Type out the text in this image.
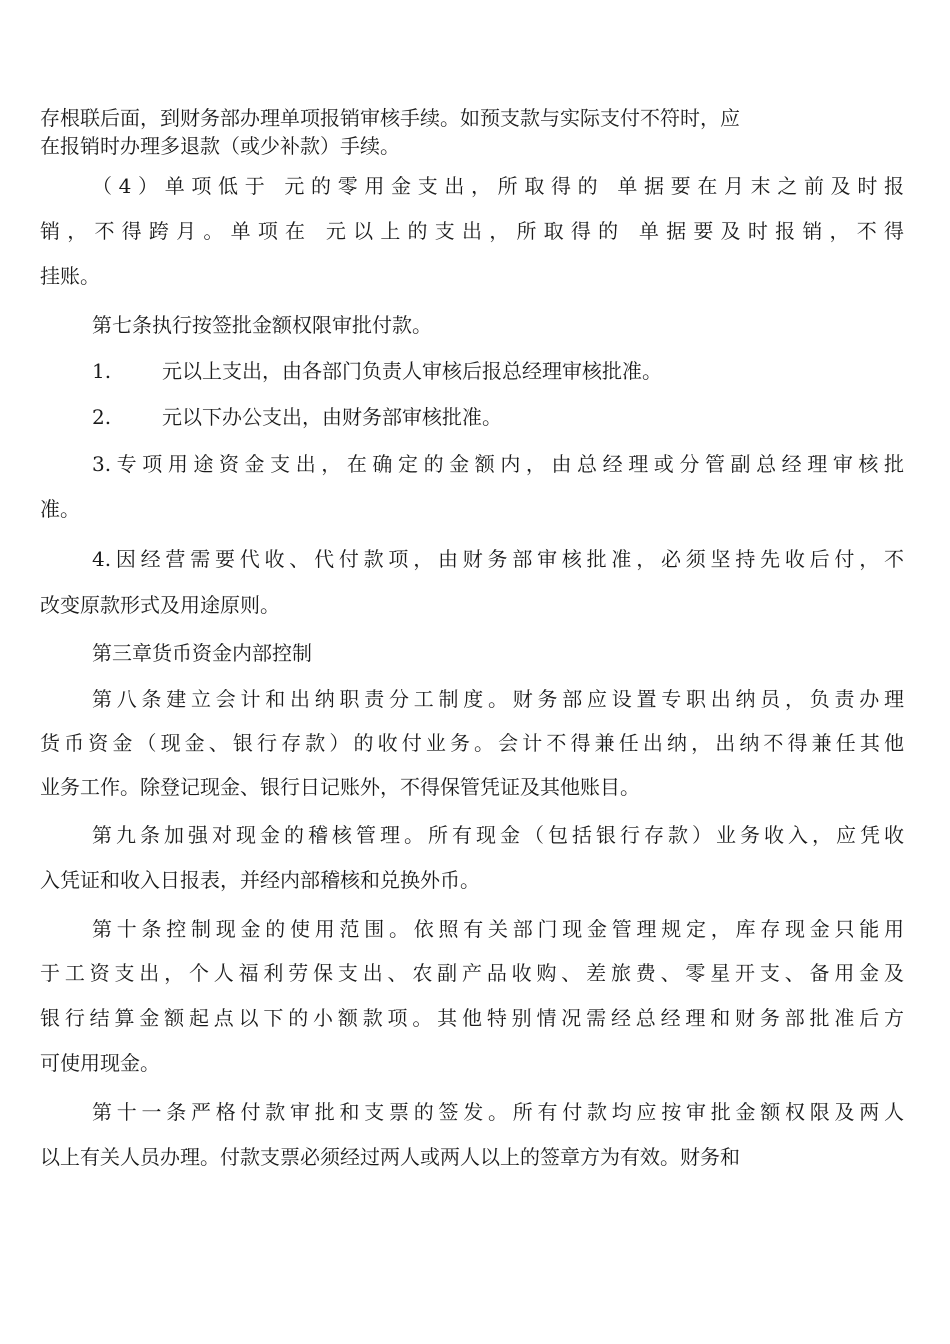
存根联后面，到财务部办理单项报销审核手续。如预支款与实际支付不符时，应
在报销时办理多退款（或少补款）手续。
（4）单项低于 元的零用金支出，所取得的 单据要在月末之前及时报
销，不得跨月。单项在 元以上的支出，所取得的 单据要及时报销，不得
挂账。
第七条执行按签批金额权限审批付款。
1.	元以上支出，由各部门负责人审核后报总经理审核批准。
2.	元以下办公支出，由财务部审核批准。
3.专项用途资金支出，在确定的金额内，由总经理或分管副总经理审核批
准。
4.因经营需要代收、代付款项，由财务部审核批准，必须坚持先收后付，不
改变原款形式及用途原则。
第三章货币资金内部控制
第八条建立会计和出纳职责分工制度。财务部应设置专职出纳员，负责办理
货币资金（现金、银行存款）的收付业务。会计不得兼任出纳，出纳不得兼任其他
业务工作。除登记现金、银行日记账外，不得保管凭证及其他账目。
第九条加强对现金的稽核管理。所有现金（包括银行存款）业务收入，应凭收
入凭证和收入日报表，并经内部稽核和兑换外币。
第十条控制现金的使用范围。依照有关部门现金管理规定，库存现金只能用
于工资支出，个人福利劳保支出、农副产品收购、差旅费、零星开支、备用金及
银行结算金额起点以下的小额款项。其他特别情况需经总经理和财务部批准后方
可使用现金。
第十一条严格付款审批和支票的签发。所有付款均应按审批金额权限及两人
以上有关人员办理。付款支票必须经过两人或两人以上的签章方为有效。财务和
